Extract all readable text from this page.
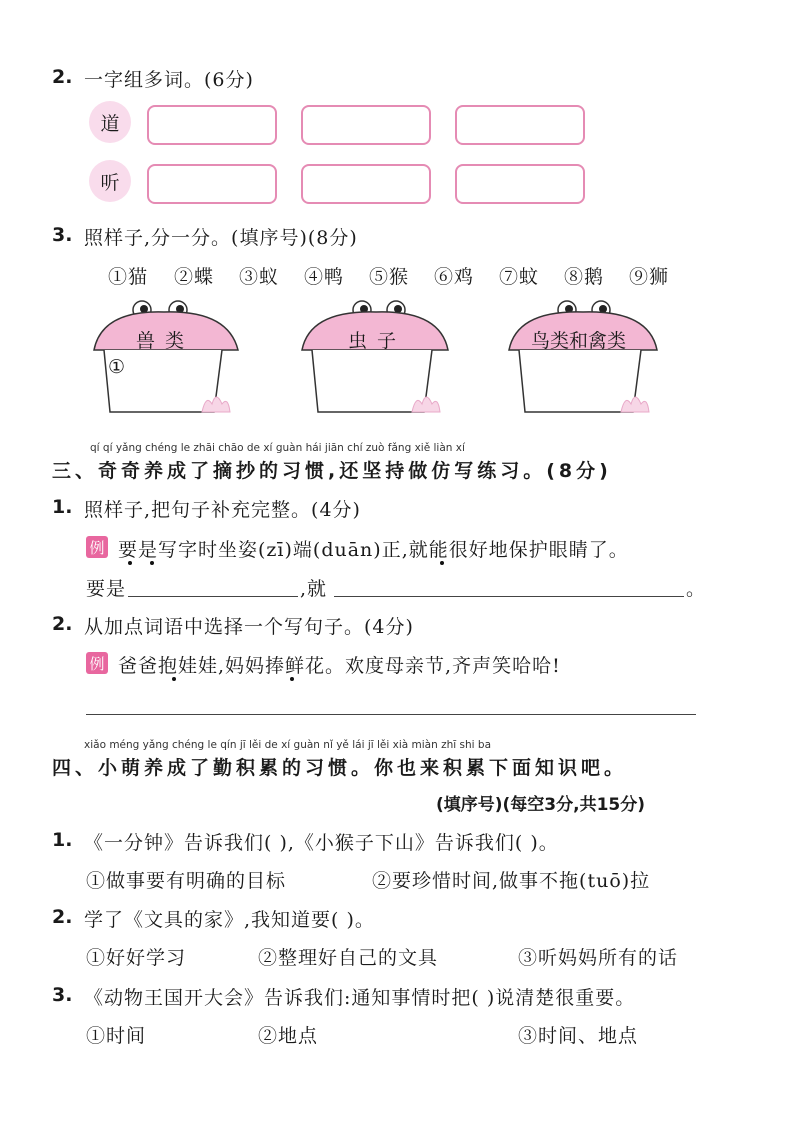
2. 一字组多词。(6分)
道
听
3. 照样子,分一分。(填序号)(8分)
①猫 ②蝶 ③蚁 ④鸭 ⑤猴 ⑥鸡 ⑦蚊 ⑧鹅 ⑨狮
兽 类
①
虫 子	鸟类和禽类
qí qí yǎng chéng le zhāi chāo de xí guàn hái jiān chí zuò fǎng xiě liàn xí
三、奇奇养成了摘抄的习惯,还坚持做仿写练习。(8分)
1. 照样子,把句子补充完整。(4分)
例 要是写字时坐姿(zī)端(duān)正,就能很好地保护眼睛了。
要是	,就	。
2. 从加点词语中选择一个写句子。(4分)
例 爸爸抱娃娃,妈妈捧鲜花。欢度母亲节,齐声笑哈哈!
xiǎo méng yǎng chéng le qín jī lěi de xí guàn nǐ yě lái jī lěi xià miàn zhī shi ba
四、小萌养成了勤积累的习惯。你也来积累下面知识吧。
(填序号)(每空3分,共15分)
1. 《一分钟》告诉我们( ),《小猴子下山》告诉我们( )。
①做事要有明确的目标	②要珍惜时间,做事不拖(tuō)拉
2. 学了《文具的家》,我知道要( )。
①好好学习	②整理好自己的文具	③听妈妈所有的话
3. 《动物王国开大会》告诉我们:通知事情时把( )说清楚很重要。
①时间	②地点	③时间、地点
